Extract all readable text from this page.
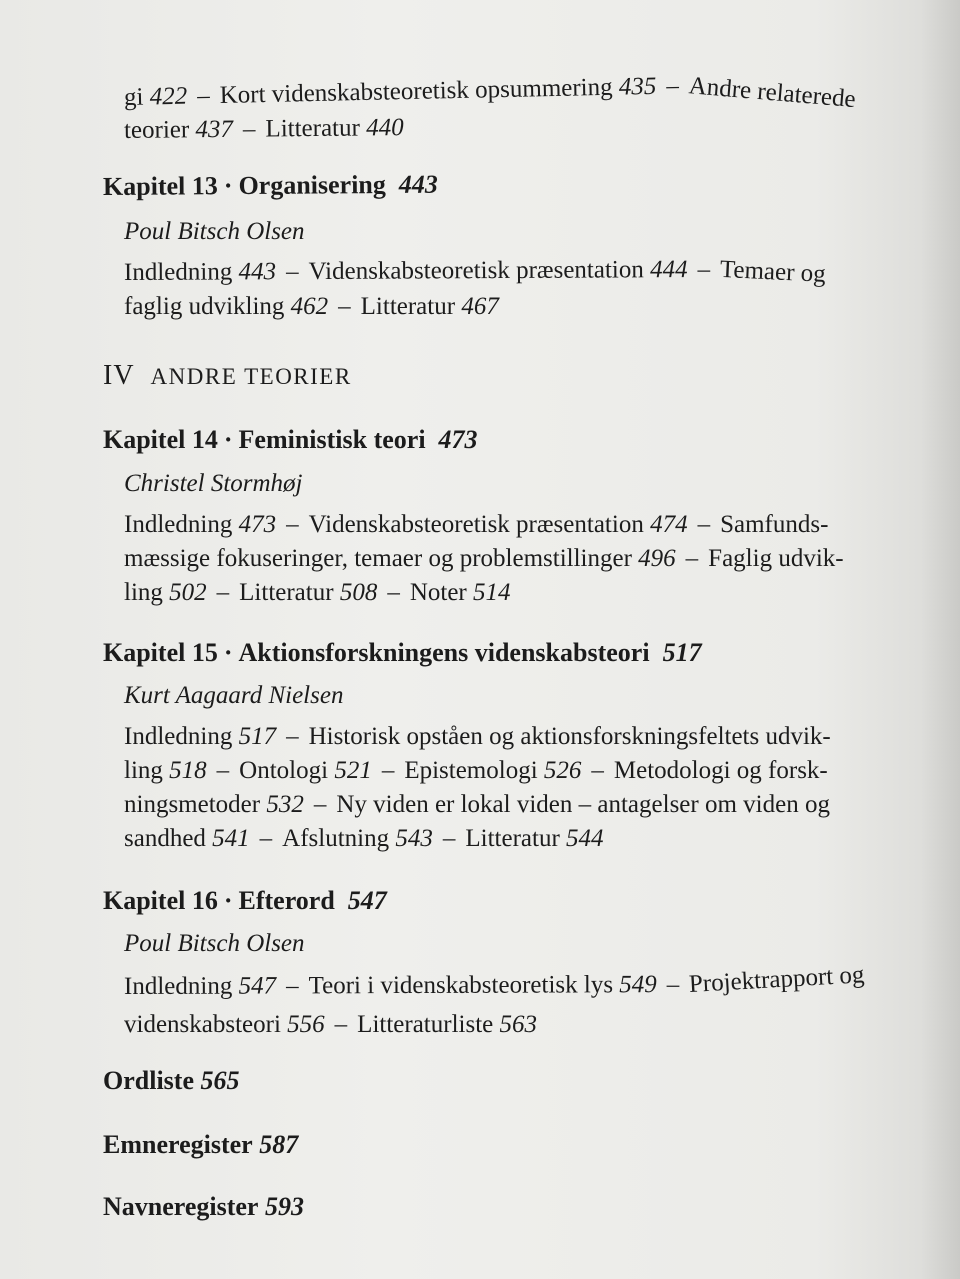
gi 422 – Kort videnskabsteoretisk opsummering 435 – Andre relaterede
teorier 437 – Litteratur 440
Kapitel 13 · Organisering 443
Poul Bitsch Olsen
Indledning 443 – Videnskabsteoretisk præsentation 444 – Temaer og
faglig udvikling 462 – Litteratur 467
IV ANDRE TEORIER
Kapitel 14 · Feministisk teori 473
Christel Stormhøj
Indledning 473 – Videnskabsteoretisk præsentation 474 – Samfunds-
mæssige fokuseringer, temaer og problemstillinger 496 – Faglig udvik-
ling 502 – Litteratur 508 – Noter 514
Kapitel 15 · Aktionsforskningens videnskabsteori 517
Kurt Aagaard Nielsen
Indledning 517 – Historisk opståen og aktionsforskningsfeltets udvik-
ling 518 – Ontologi 521 – Epistemologi 526 – Metodologi og forsk-
ningsmetoder 532 – Ny viden er lokal viden – antagelser om viden og
sandhed 541 – Afslutning 543 – Litteratur 544
Kapitel 16 · Efterord 547
Poul Bitsch Olsen
Indledning 547 – Teori i videnskabsteoretisk lys 549 – Projektrapport og
videnskabsteori 556 – Litteraturliste 563
Ordliste 565
Emneregister 587
Navneregister 593
